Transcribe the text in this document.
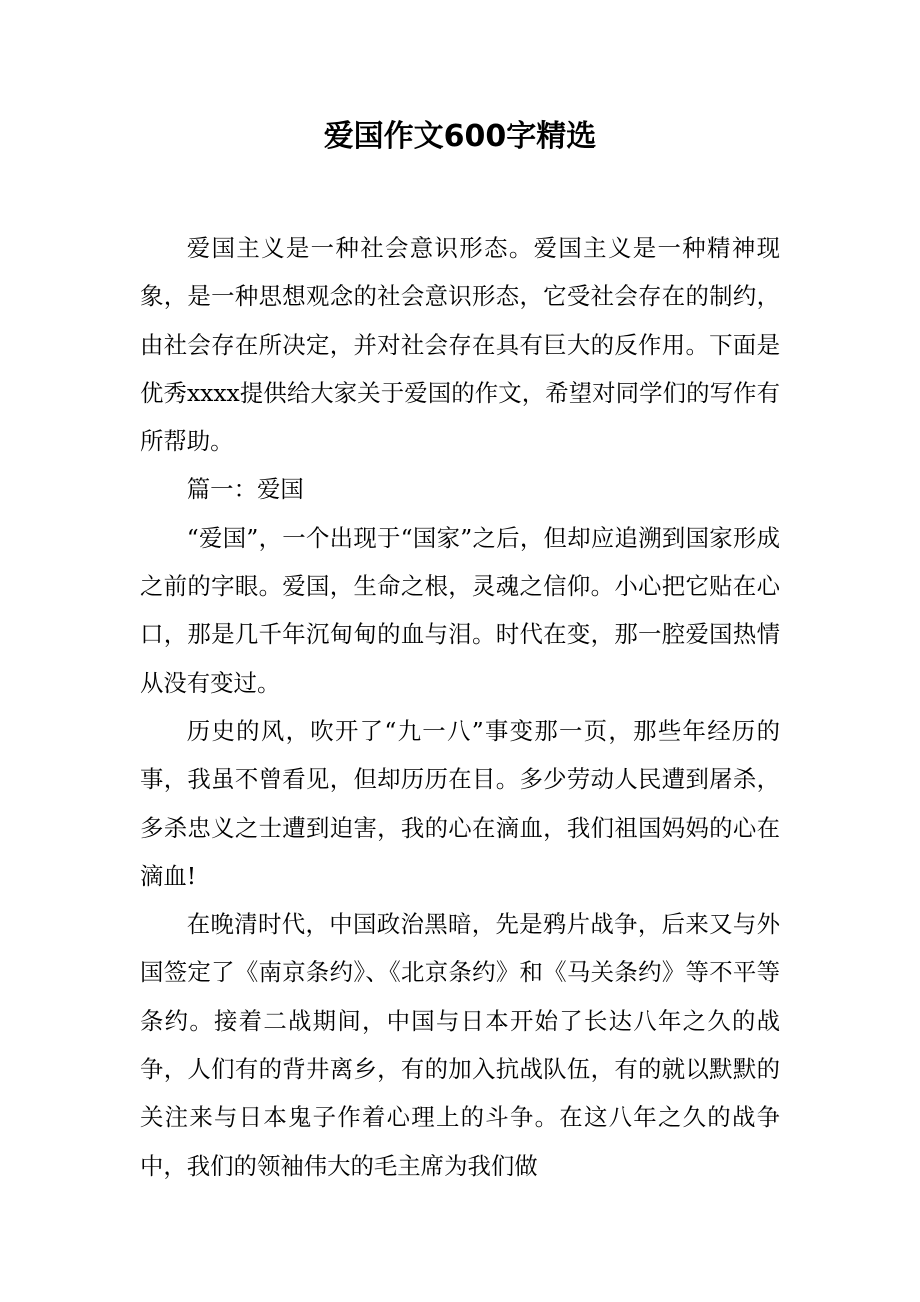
爱国作文600字精选

爱国主义是一种社会意识形态。爱国主义是一种精神现象，是一种思想观念的社会意识形态，它受社会存在的制约，由社会存在所决定，并对社会存在具有巨大的反作用。下面是优秀xxxx提供给大家关于爱国的作文，希望对同学们的写作有所帮助。

篇一：爱国

“爱国”，一个出现于“国家”之后，但却应追溯到国家形成之前的字眼。爱国，生命之根，灵魂之信仰。小心把它贴在心口，那是几千年沉甸甸的血与泪。时代在变，那一腔爱国热情从没有变过。

历史的风，吹开了“九一八”事变那一页，那些年经历的事，我虽不曾看见，但却历历在目。多少劳动人民遭到屠杀，多杀忠义之士遭到迫害，我的心在滴血，我们祖国妈妈的心在滴血!

在晚清时代，中国政治黑暗，先是鸦片战争，后来又与外国签定了《南京条约》、《北京条约》和《马关条约》等不平等条约。接着二战期间，中国与日本开始了长达八年之久的战争，人们有的背井离乡，有的加入抗战队伍，有的就以默默的关注来与日本鬼子作着心理上的斗争。在这八年之久的战争中，我们的领袖伟大的毛主席为我们做
